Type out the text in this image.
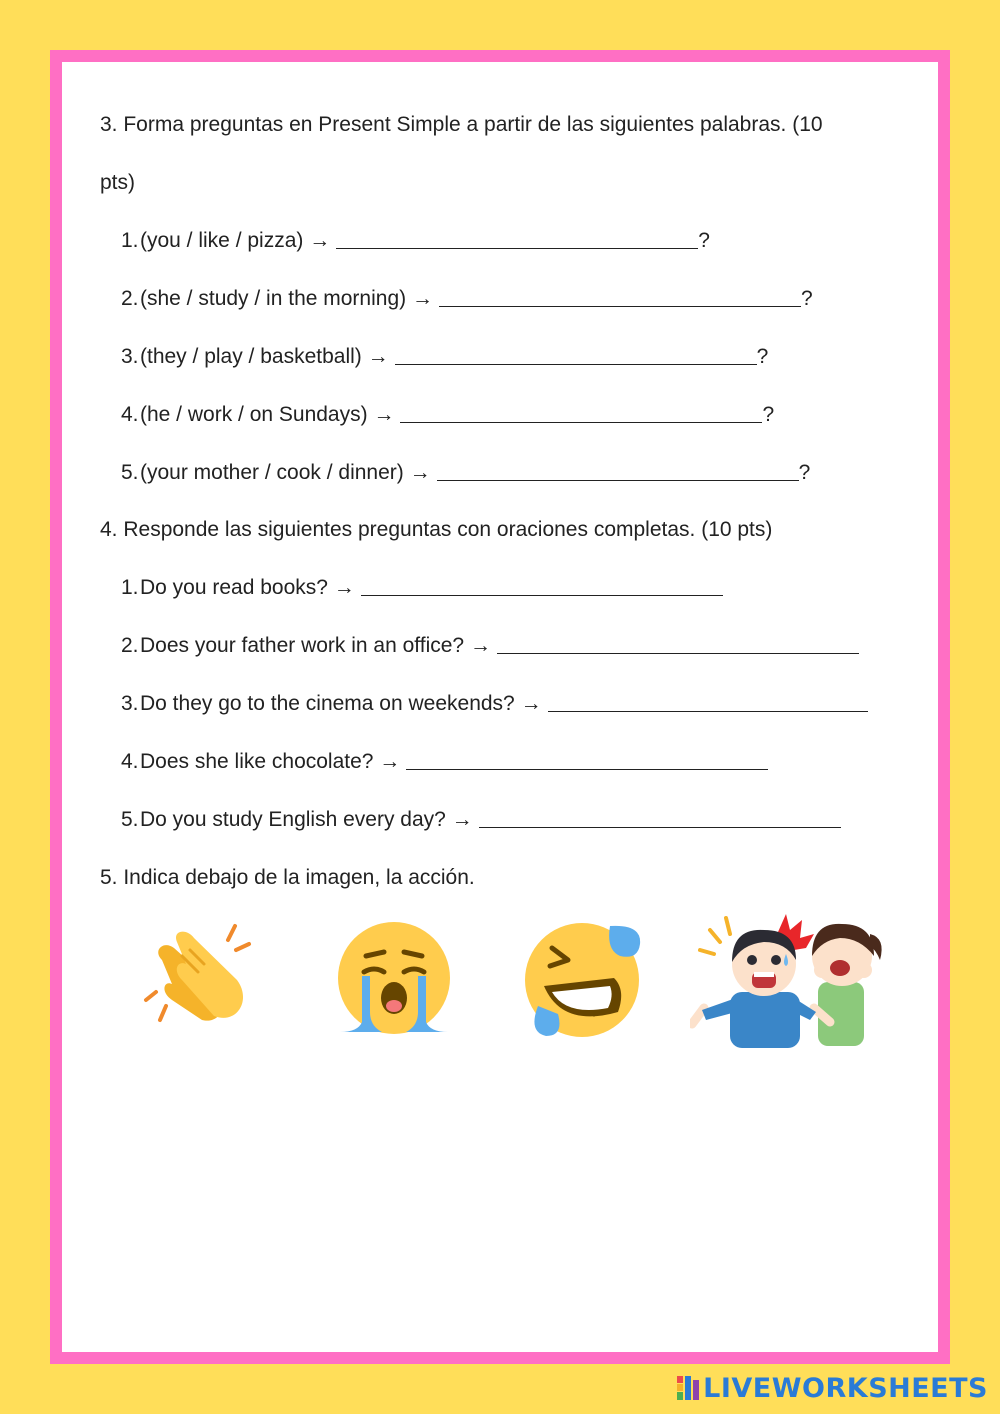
3. Forma preguntas en Present Simple a partir de las siguientes palabras. (10
pts)
1.(you / like / pizza) →	?
2.(she / study / in the morning) →	?
3.(they / play / basketball) →	?
4.(he / work / on Sundays) →	?
5.(your mother / cook / dinner) →	?
4. Responde las siguientes preguntas con oraciones completas. (10 pts)
1.Do you read books? →
2.Does your father work in an office? →
3.Do they go to the cinema on weekends? →
4.Does she like chocolate? →
5.Do you study English every day? →
5. Indica debajo de la imagen, la acción.
LIVEWORKSHEETS
